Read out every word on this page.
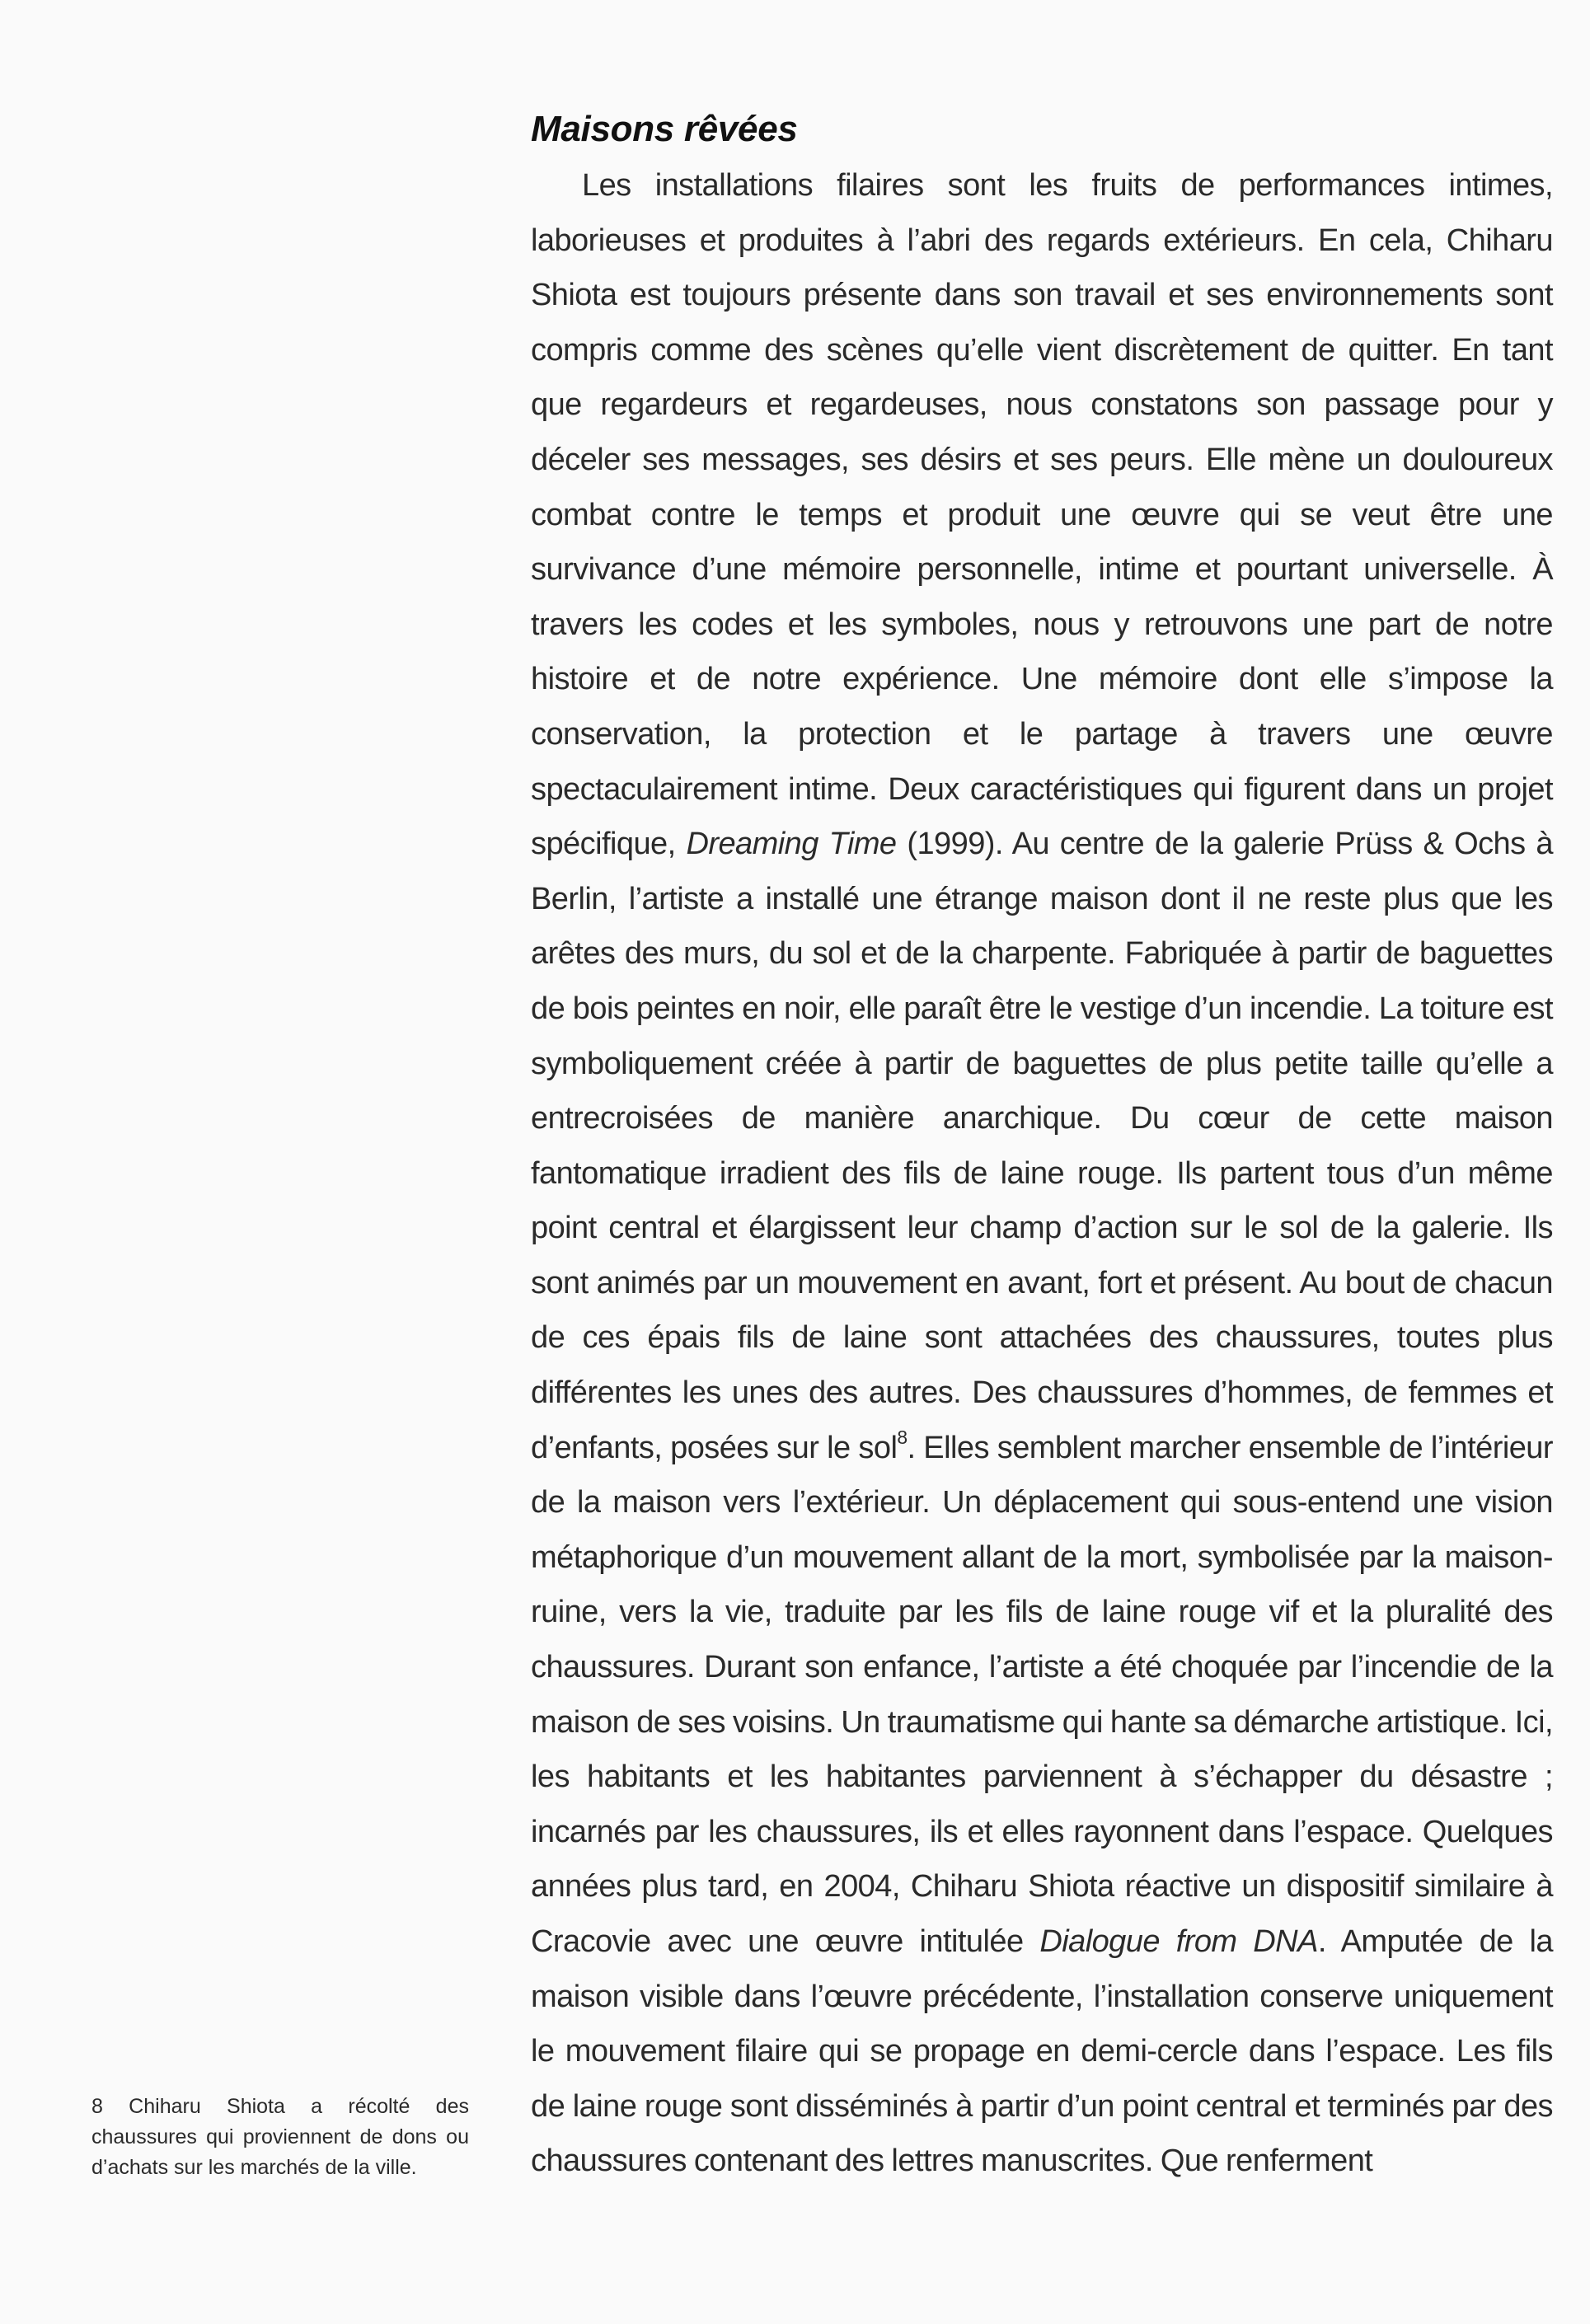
Maisons rêvées

Les installations filaires sont les fruits de performances intimes, laborieuses et produites à l’abri des regards extérieurs. En cela, Chiharu Shiota est toujours présente dans son travail et ses environnements sont compris comme des scènes qu’elle vient discrètement de quitter. En tant que regardeurs et regardeuses, nous constatons son passage pour y déceler ses messages, ses désirs et ses peurs. Elle mène un douloureux combat contre le temps et produit une œuvre qui se veut être une survivance d’une mémoire personnelle, intime et pourtant universelle. À travers les codes et les symboles, nous y retrouvons une part de notre histoire et de notre expérience. Une mémoire dont elle s’impose la conservation, la protection et le partage à travers une œuvre spectaculairement intime. Deux caractéristiques qui figurent dans un projet spécifique, Dreaming Time (1999). Au centre de la galerie Prüss & Ochs à Berlin, l’artiste a installé une étrange maison dont il ne reste plus que les arêtes des murs, du sol et de la charpente. Fabriquée à partir de baguettes de bois peintes en noir, elle paraît être le vestige d’un incendie. La toiture est symboliquement créée à partir de baguettes de plus petite taille qu’elle a entrecroisées de manière anarchique. Du cœur de cette maison fantomatique irradient des fils de laine rouge. Ils partent tous d’un même point central et élargissent leur champ d’action sur le sol de la galerie. Ils sont animés par un mouvement en avant, fort et présent. Au bout de chacun de ces épais fils de laine sont attachées des chaussures, toutes plus différentes les unes des autres. Des chaussures d’hommes, de femmes et d’enfants, posées sur le sol$^8$. Elles semblent marcher ensemble de l’intérieur de la maison vers l’extérieur. Un déplacement qui sous-entend une vision métaphorique d’un mouvement allant de la mort, symbolisée par la maison-ruine, vers la vie, traduite par les fils de laine rouge vif et la pluralité des chaussures. Durant son enfance, l’artiste a été choquée par l’incendie de la maison de ses voisins. Un traumatisme qui hante sa démarche artistique. Ici, les habitants et les habitantes parviennent à s’échapper du désastre ; incarnés par les chaussures, ils et elles rayonnent dans l’espace. Quelques années plus tard, en 2004, Chiharu Shiota réactive un dispositif similaire à Cracovie avec une œuvre intitulée Dialogue from DNA. Amputée de la maison visible dans l’œuvre précédente, l’installation conserve uniquement le mouvement filaire qui se propage en demi-cercle dans l’espace. Les fils de laine rouge sont disséminés à partir d’un point central et terminés par des chaussures contenant des lettres manuscrites. Que renferment

8 Chiharu Shiota a récolté des chaussures qui proviennent de dons ou d’achats sur les marchés de la ville.
